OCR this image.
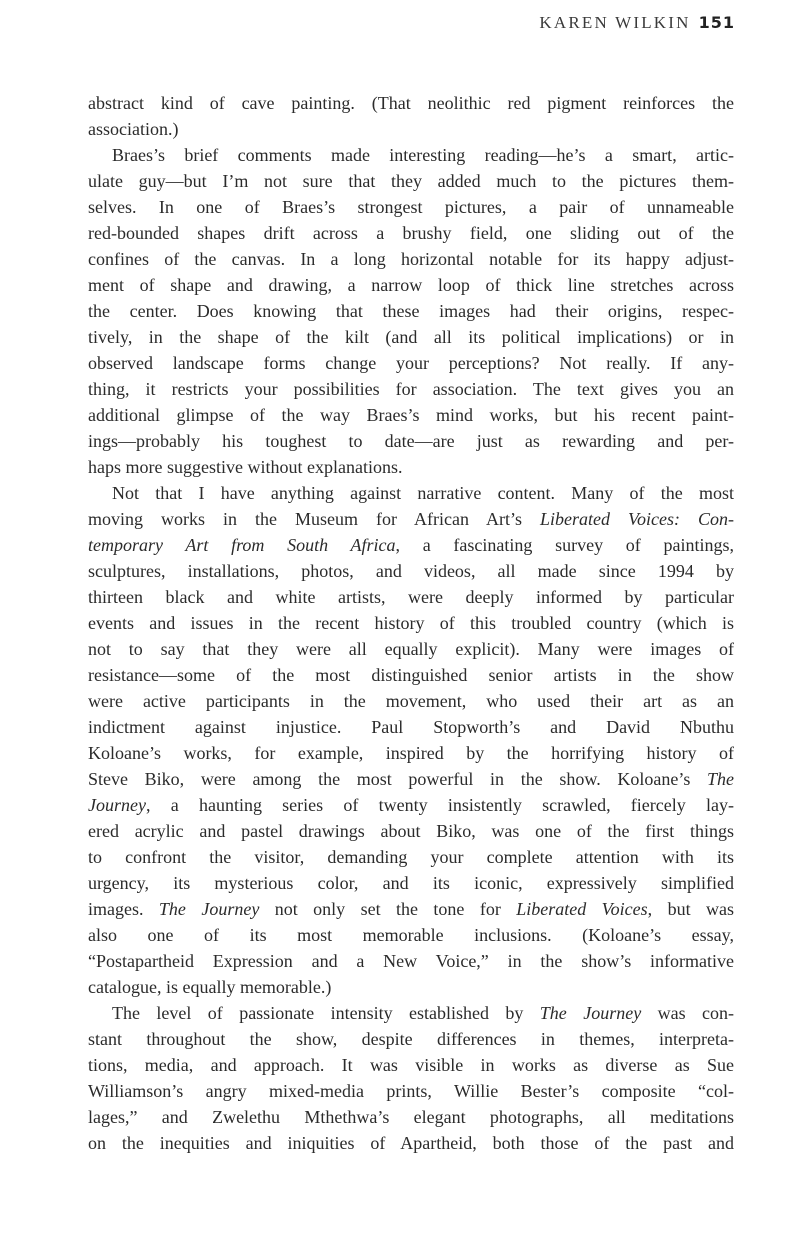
KAREN WILKIN 151
abstract kind of cave painting. (That neolithic red pigment reinforces the
association.)
Braes’s brief comments made interesting reading—he’s a smart, artic-
ulate guy—but I’m not sure that they added much to the pictures them-
selves. In one of Braes’s strongest pictures, a pair of unnameable
red-bounded shapes drift across a brushy field, one sliding out of the
confines of the canvas. In a long horizontal notable for its happy adjust-
ment of shape and drawing, a narrow loop of thick line stretches across
the center. Does knowing that these images had their origins, respec-
tively, in the shape of the kilt (and all its political implications) or in
observed landscape forms change your perceptions? Not really. If any-
thing, it restricts your possibilities for association. The text gives you an
additional glimpse of the way Braes’s mind works, but his recent paint-
ings—probably his toughest to date—are just as rewarding and per-
haps more suggestive without explanations.
Not that I have anything against narrative content. Many of the most
moving works in the Museum for African Art’s Liberated Voices: Con-
temporary Art from South Africa, a fascinating survey of paintings,
sculptures, installations, photos, and videos, all made since 1994 by
thirteen black and white artists, were deeply informed by particular
events and issues in the recent history of this troubled country (which is
not to say that they were all equally explicit). Many were images of
resistance—some of the most distinguished senior artists in the show
were active participants in the movement, who used their art as an
indictment against injustice. Paul Stopworth’s and David Nbuthu
Koloane’s works, for example, inspired by the horrifying history of
Steve Biko, were among the most powerful in the show. Koloane’s The
Journey, a haunting series of twenty insistently scrawled, fiercely lay-
ered acrylic and pastel drawings about Biko, was one of the first things
to confront the visitor, demanding your complete attention with its
urgency, its mysterious color, and its iconic, expressively simplified
images. The Journey not only set the tone for Liberated Voices, but was
also one of its most memorable inclusions. (Koloane’s essay,
“Postapartheid Expression and a New Voice,” in the show’s informative
catalogue, is equally memorable.)
The level of passionate intensity established by The Journey was con-
stant throughout the show, despite differences in themes, interpreta-
tions, media, and approach. It was visible in works as diverse as Sue
Williamson’s angry mixed-media prints, Willie Bester’s composite “col-
lages,” and Zwelethu Mthethwa’s elegant photographs, all meditations
on the inequities and iniquities of Apartheid, both those of the past and
